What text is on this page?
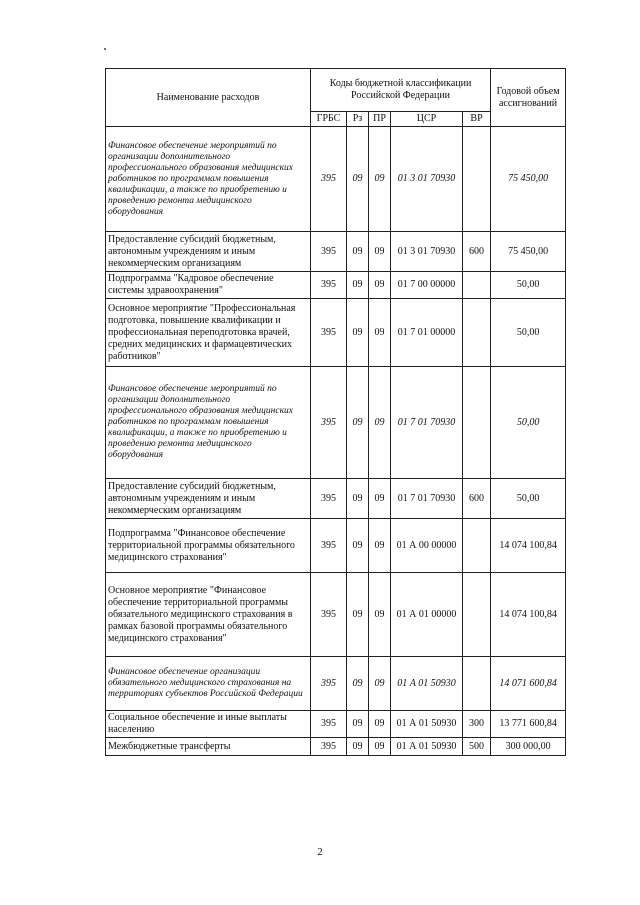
Наименование расходов	Коды бюджетной классификации Российской Федерации					Годовой объем ассигнований
	ГРБС	Рз	ПР	ЦСР	ВР	
Финансовое обеспечение мероприятий по организации дополнительного профессионального образования медицинских работников по программам повышения квалификации, а также по приобретению и проведению ремонта медицинского оборудования	395	09	09	01 3 01 70930		75 450,00
Предоставление субсидий бюджетным, автономным учреждениям и иным некоммерческим организациям	395	09	09	01 3 01 70930	600	75 450,00
Подпрограмма "Кадровое обеспечение системы здравоохранения"	395	09	09	01 7 00 00000		50,00
Основное мероприятие "Профессиональная подготовка, повышение квалификации и профессиональная переподготовка врачей, средних медицинских и фармацевтических работников"	395	09	09	01 7 01 00000		50,00
Финансовое обеспечение мероприятий по организации дополнительного профессионального образования медицинских работников по программам повышения квалификации, а также по приобретению и проведению ремонта медицинского оборудования	395	09	09	01 7 01 70930		50,00
Предоставление субсидий бюджетным, автономным учреждениям и иным некоммерческим организациям	395	09	09	01 7 01 70930	600	50,00
Подпрограмма "Финансовое обеспечение территориальной программы обязательного медицинского страхования"	395	09	09	01 А 00 00000		14 074 100,84
Основное мероприятие "Финансовое обеспечение территориальной программы обязательного медицинского страхования в рамках базовой программы обязательного медицинского страхования"	395	09	09	01 А 01 00000		14 074 100,84
Финансовое обеспечение организации обязательного медицинского страхования на территориях субъектов Российской Федерации	395	09	09	01 А 01 50930		14 071 600,84
Социальное обеспечение и иные выплаты населению	395	09	09	01 А 01 50930	300	13 771 600,84
Межбюджетные трансферты	395	09	09	01 А 01 50930	500	300 000,00
2
